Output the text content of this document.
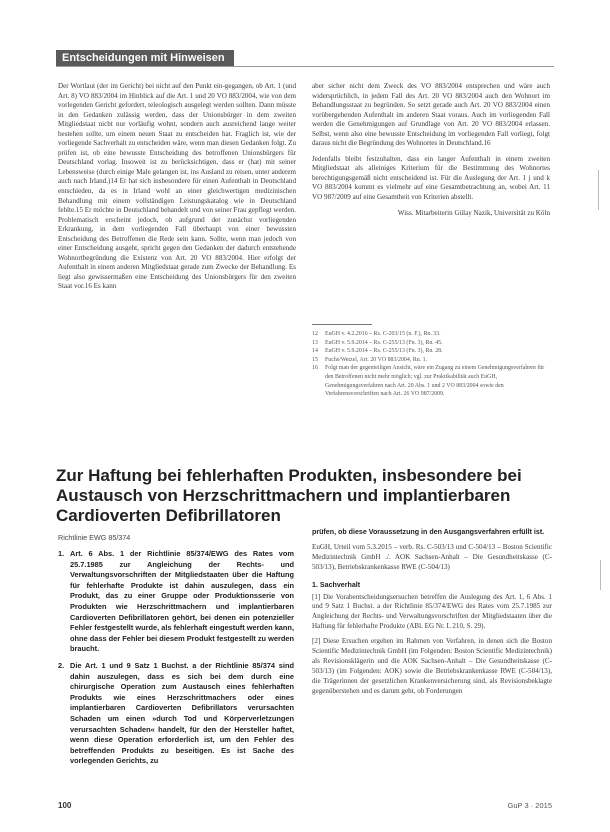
Entscheidungen mit Hinweisen

Der Wortlaut (der im Gericht) bei nicht auf den Punkt ein-gegangen, ob Art. 1 (und Art. 8) VO 883/2004 im Hinblick auf die Art. 1 und 20 VO 883/2004, wie von dem vorlegenden Gericht gefordert, teleologisch ausgelegt werden sollten. Dann müsste in den Gedanken zulässig werden, dass der Unionsbürger in dem zweiten Mitgliedstaat nicht nur vorläufig wohnt, sondern auch ausreichend lange weiter bestehen sollte, um einem neuen Staat zu entscheiden hat. Fraglich ist, wie der vorliegende Sachverhalt zu entscheiden wäre, wenn man diesen Gedanken folgt. Zu prüfen ist, ob eine bewusste Entscheidung des betroffenen Unionsbürgers für Deutschland vorlag. Insoweit ist zu berücksichtigen, dass er (hat) mit seiner Lebensweise (durch einige Male gelangen ist, ins Ausland zu reisen, unter anderem auch nach Irland.)14 Er hat sich insbesondere für einen Aufenthalt in Deutschland entschieden, da es in Irland wohl an einer gleichwertigen medizinischen Behandlung mit einem vollständigen Leistungskatalog wie in Deutschland fehlte.15 Er möchte in Deutschland behandelt und von seiner Frau gepflegt werden. Problematisch erscheint jedoch, ob aufgrund der zunächst vorliegenden Erkrankung, in dem vorliegenden Fall überhaupt von einer bewussten Entscheidung des Betroffenen die Rede sein kann. Sollte, wenn man jedoch von einer Entscheidung ausgeht, spricht gegen den Gedanken der dadurch entstehende Wohnortbegründung die Existenz von Art. 20 VO 883/2004. Hier erfolgt der Aufenthalt in einem anderen Mitgliedstaat gerade zum Zwecke der Behandlung. Es liegt also gewissermaßen eine Entscheidung des Unionsbürgers für den zweiten Staat vor.16 Es kann

aber sicher nicht dem Zweck des VO 883/2004 entsprechen und wäre auch widersprüchlich, in jedem Fall des Art. 20 VO 883/2004 auch den Wohnort im Behandlungsstaat zu begründen. So setzt gerade auch Art. 20 VO 883/2004 einen vorübergehenden Aufenthalt im anderen Staat voraus. Auch im vorliegenden Fall werden die Genehmigungen auf Grundlage von Art. 20 VO 883/2004 erlassen. Selbst, wenn also eine bewusste Entscheidung im vorliegenden Fall vorliegt, folgt daraus nicht die Begründung des Wohnortes in Deutschland.16

Jedenfalls bleibt festzuhalten, dass ein langer Aufenthalt in einem zweiten Mitgliedstaat als alleiniges Kriterium für die Bestimmung des Wohnortes berechtigungsgemäß nicht entscheidend ist. Für die Auslegung der Art. 1 j und k VO 883/2004 kommt es vielmehr auf eine Gesamtbetrachtung an, wobei Art. 11 VO 987/2009 auf eine Gesamtheit von Kriterien abstellt.

Wiss. Mitarbeiterin Gülay Nazik, Universität zu Köln

12	EuGH v. 4.2.2016 – Rs. C-203/15 (n. F.), Rn. 33.
13	EuGH v. 5.9.2014 – Rs. C-255/13 (Fn. 3), Rn. 45.
14	EuGH v. 5.9.2014 – Rs. C-255/13 (Fn. 3), Rn. 28.
15	Fuchs/Wetzel, Art. 20 VO 883/2004, Rn. 1.
16	Folgt man der gegenteiligen Ansicht, wäre ein Zugang zu einem Genehmigungsverfahren für den Betroffenen nicht mehr möglich; vgl. zur Praktikabilität auch EuGH, Genehmigungsverfahren nach Art. 20 Abs. 1 und 2 VO 883/2004 sowie den Verfahrensvorschriften nach Art. 26 VO 987/2009.
Zur Haftung bei fehlerhaften Produkten, insbesondere bei Austausch von Herzschrittmachern und implantierbaren Cardioverten Defibrillatoren
Richtlinie EWG 85/374
1. Art. 6 Abs. 1 der Richtlinie 85/374/EWG des Rates vom 25.7.1985 zur Angleichung der Rechts- und Verwaltungsvorschriften der Mitgliedstaaten über die Haftung für fehlerhafte Produkte ist dahin auszulegen, dass ein Produkt, das zu einer Gruppe oder Produktionsserie von Produkten wie Herzschrittmachern und implantierbaren Cardioverten Defibrillatoren gehört, bei denen ein potenzieller Fehler festgestellt wurde, als fehlerhaft eingestuft werden kann, ohne dass der Fehler bei diesem Produkt festgestellt zu werden braucht.
2. Die Art. 1 und 9 Satz 1 Buchst. a der Richtlinie 85/374 sind dahin auszulegen, dass es sich bei dem durch eine chirurgische Operation zum Austausch eines fehlerhaften Produkts wie eines Herzschrittmachers oder eines implantierbaren Cardioverten Defibrillators verursachten Schaden um einen »durch Tod und Körperverletzungen verursachten Schaden« handelt, für den der Hersteller haftet, wenn diese Operation erforderlich ist, um den Fehler des betreffenden Produkts zu beseitigen. Es ist Sache des vorlegenden Gerichts, zu

prüfen, ob diese Voraussetzung in den Ausgangsverfahren erfüllt ist.

EuGH, Urteil vom 5.3.2015 – verb. Rs. C-503/13 und C-504/13 – Boston Scientific Medizintechnik GmbH ./. AOK Sachsen-Anhalt – Die Gesundheitskasse (C-503/13), Betriebskrankenkasse RWE (C-504/13)

1. Sachverhalt

[1] Die Vorabentscheidungsersuchen betreffen die Auslegung des Art. 1, 6 Abs. 1 und 9 Satz 1 Buchst. a der Richtlinie 85/374/EWG des Rates vom 25.7.1985 zur Angleichung der Rechts- und Verwaltungsvorschriften der Mitgliedstaaten über die Haftung für fehlerhafte Produkte (ABl. EG Nr. L 210, S. 29).

[2] Diese Ersuchen ergehen im Rahmen von Verfahren, in denen sich die Boston Scientific Medizintechnik GmbH (im Folgenden: Boston Scientific Medizintechnik) als Revisionsklägerin und die AOK Sachsen-Anhalt – Die Gesundheitskasse (C-503/13) (im Folgenden: AOK) sowie die Betriebskrankenkasse RWE (C-504/13), die Trägerinnen der gesetzlichen Krankenversicherung sind, als Revisionsbeklagte gegenüberstehen und es darum geht, ob Forderungen

100	GuP 3 · 2015
